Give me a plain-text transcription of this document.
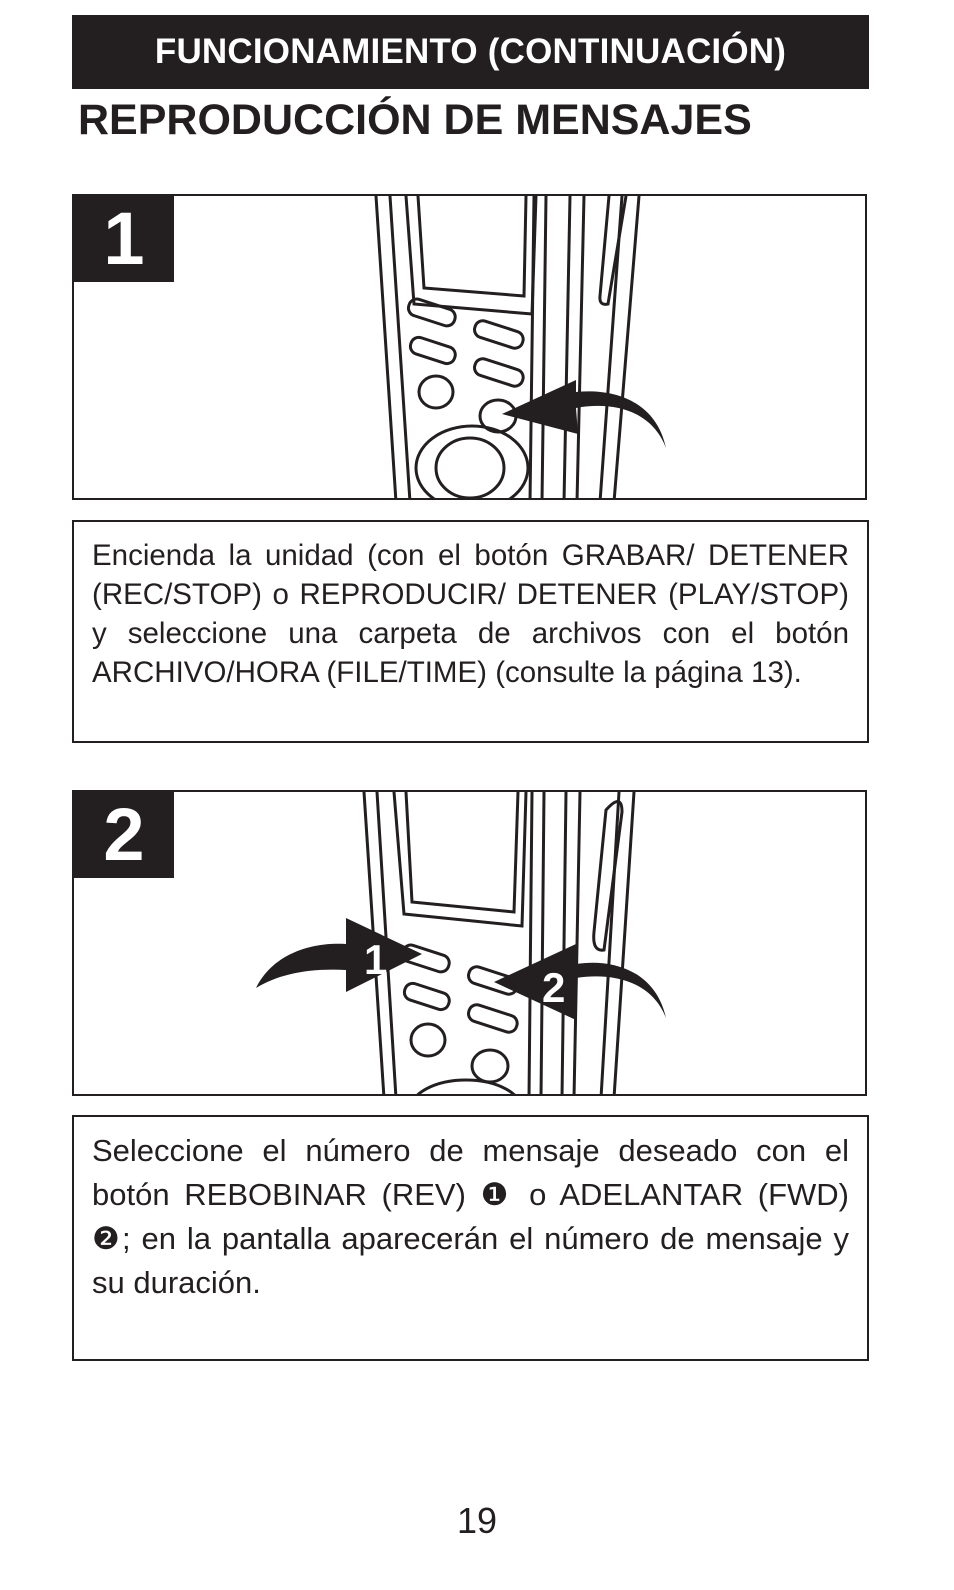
FUNCIONAMIENTO (CONTINUACIÓN)
REPRODUCCIÓN DE MENSAJES
1
Encienda la unidad (con el botón GRABAR/ DETENER (REC/STOP) o REPRODUCIR/ DETENER (PLAY/STOP) y seleccione una carpeta de archivos con el botón ARCHIVO/HORA (FILE/TIME) (consulte la página 13).
1
2
2
Seleccione el número de mensaje deseado con el botón REBOBINAR (REV) ❶ o ADELANTAR (FWD) ❷; en la pantalla aparecerán el número de mensaje y su duración.
19
